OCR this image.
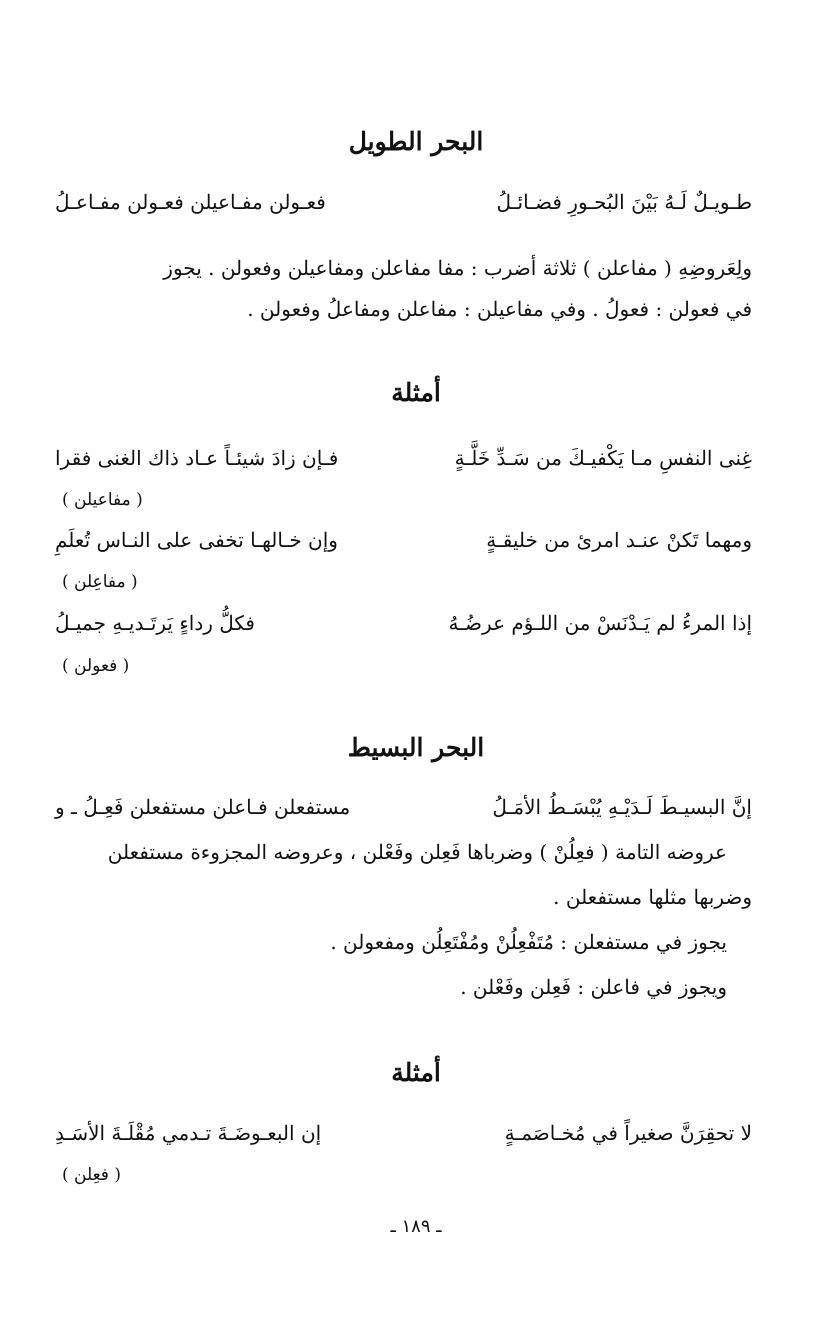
البحر الطويل
طـويـلٌ لَـهُ بَيْنَ البُحـورِ فضـائـلُ
فعـولن مفـاعيلن فعـولن مفـاعـلُ
ولِعَروضِهِ ( مفاعلن ) ثلاثة أضرب : مفا مفاعلن ومفاعيلن وفعولن . يجوز
في فعولن : فعولُ . وفي مفاعيلن : مفاعلن ومفاعلُ وفعولن .
أمثلة
غِنى النفسِ مـا يَكْفيـكَ من سَـدِّ خَلَّـةٍ
فـإن زادَ شيئـاً عـاد ذاك الغنى فقرا
( مفاعيلن )
ومهما تَكنْ عنـد امرئ من خليقـةٍ
وإن خـالهـا تخفى على النـاس تُعلَمِ
( مفاعِلن )
إذا المرءُ لم يَـدْنَسْ من اللـؤم عرضُـهُ
فكلُّ رداءٍ يَرتَـديـهِ جميـلُ
( فعولن )
البحر البسيط
إنَّ البسيـطَ لَـدَيْـهِ يُبْسَـطُ الأمَـلُ
مستفعلن فـاعلن مستفعلن فَعِـلُ ـ و
عروضه التامة ( فعِلُنْ ) وضرباها فَعِلن وفَعْلن ، وعروضه المجزوءة مستفعلن
وضربها مثلها مستفعلن .
يجوز في مستفعلن : مُتَفْعِلُنْ ومُفْتَعِلُن ومفعولن .
ويجوز في فاعلن : فَعِلن وفَعْلن .
أمثلة
لا تحقِرَنَّ صغيراً في مُخـاصَمـةٍ
إن البعـوضَـةَ تـدمي مُقْلَـةَ الأسَـدِ
( فعِلن )
ـ ١٨٩ ـ
